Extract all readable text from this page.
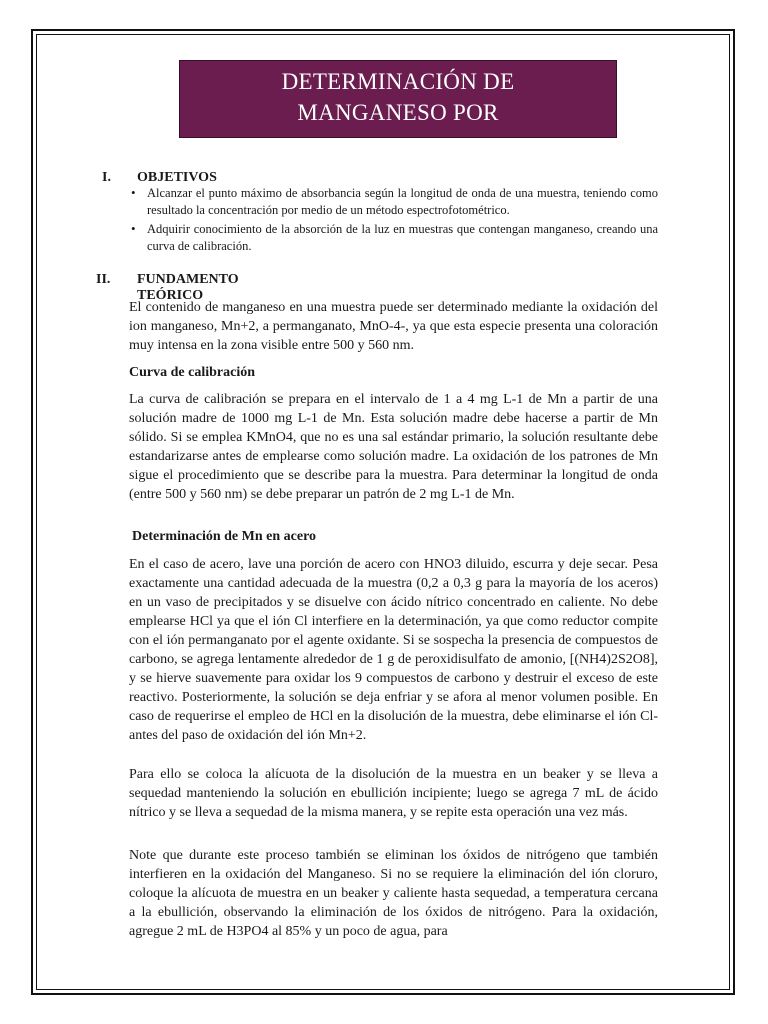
DETERMINACIÓN DE
MANGANESO POR
I. OBJETIVOS
• Alcanzar el punto máximo de absorbancia según la longitud de onda de una muestra, teniendo como resultado la concentración por medio de un método espectrofotométrico.
• Adquirir conocimiento de la absorción de la luz en muestras que contengan manganeso, creando una curva de calibración.
II. FUNDAMENTO TEÓRICO

El contenido de manganeso en una muestra puede ser determinado mediante la oxidación del ion manganeso, Mn+2, a permanganato, MnO-4-, ya que esta especie presenta una coloración muy intensa en la zona visible entre 500 y 560 nm.

Curva de calibración

La curva de calibración se prepara en el intervalo de 1 a 4 mg L-1 de Mn a partir de una solución madre de 1000 mg L-1 de Mn. Esta solución madre debe hacerse a partir de Mn sólido. Si se emplea KMnO4, que no es una sal estándar primario, la solución resultante debe estandarizarse antes de emplearse como solución madre. La oxidación de los patrones de Mn sigue el procedimiento que se describe para la muestra. Para determinar la longitud de onda (entre 500 y 560 nm) se debe preparar un patrón de 2 mg L-1 de Mn.

Determinación de Mn en acero

En el caso de acero, lave una porción de acero con HNO3 diluido, escurra y deje secar. Pesa exactamente una cantidad adecuada de la muestra (0,2 a 0,3 g para la mayoría de los aceros) en un vaso de precipitados y se disuelve con ácido nítrico concentrado en caliente. No debe emplearse HCl ya que el ión Cl interfiere en la determinación, ya que como reductor compite con el ión permanganato por el agente oxidante. Si se sospecha la presencia de compuestos de carbono, se agrega lentamente alrededor de 1 g de peroxidisulfato de amonio, [(NH4)2S2O8], y se hierve suavemente para oxidar los 9 compuestos de carbono y destruir el exceso de este reactivo. Posteriormente, la solución se deja enfriar y se afora al menor volumen posible. En caso de requerirse el empleo de HCl en la disolución de la muestra, debe eliminarse el ión Cl- antes del paso de oxidación del ión Mn+2.

Para ello se coloca la alícuota de la disolución de la muestra en un beaker y se lleva a sequedad manteniendo la solución en ebullición incipiente; luego se agrega 7 mL de ácido nítrico y se lleva a sequedad de la misma manera, y se repite esta operación una vez más.

Note que durante este proceso también se eliminan los óxidos de nitrógeno que también interfieren en la oxidación del Manganeso. Si no se requiere la eliminación del ión cloruro, coloque la alícuota de muestra en un beaker y caliente hasta sequedad, a temperatura cercana a la ebullición, observando la eliminación de los óxidos de nitrógeno. Para la oxidación, agregue 2 mL de H3PO4 al 85% y un poco de agua, para
